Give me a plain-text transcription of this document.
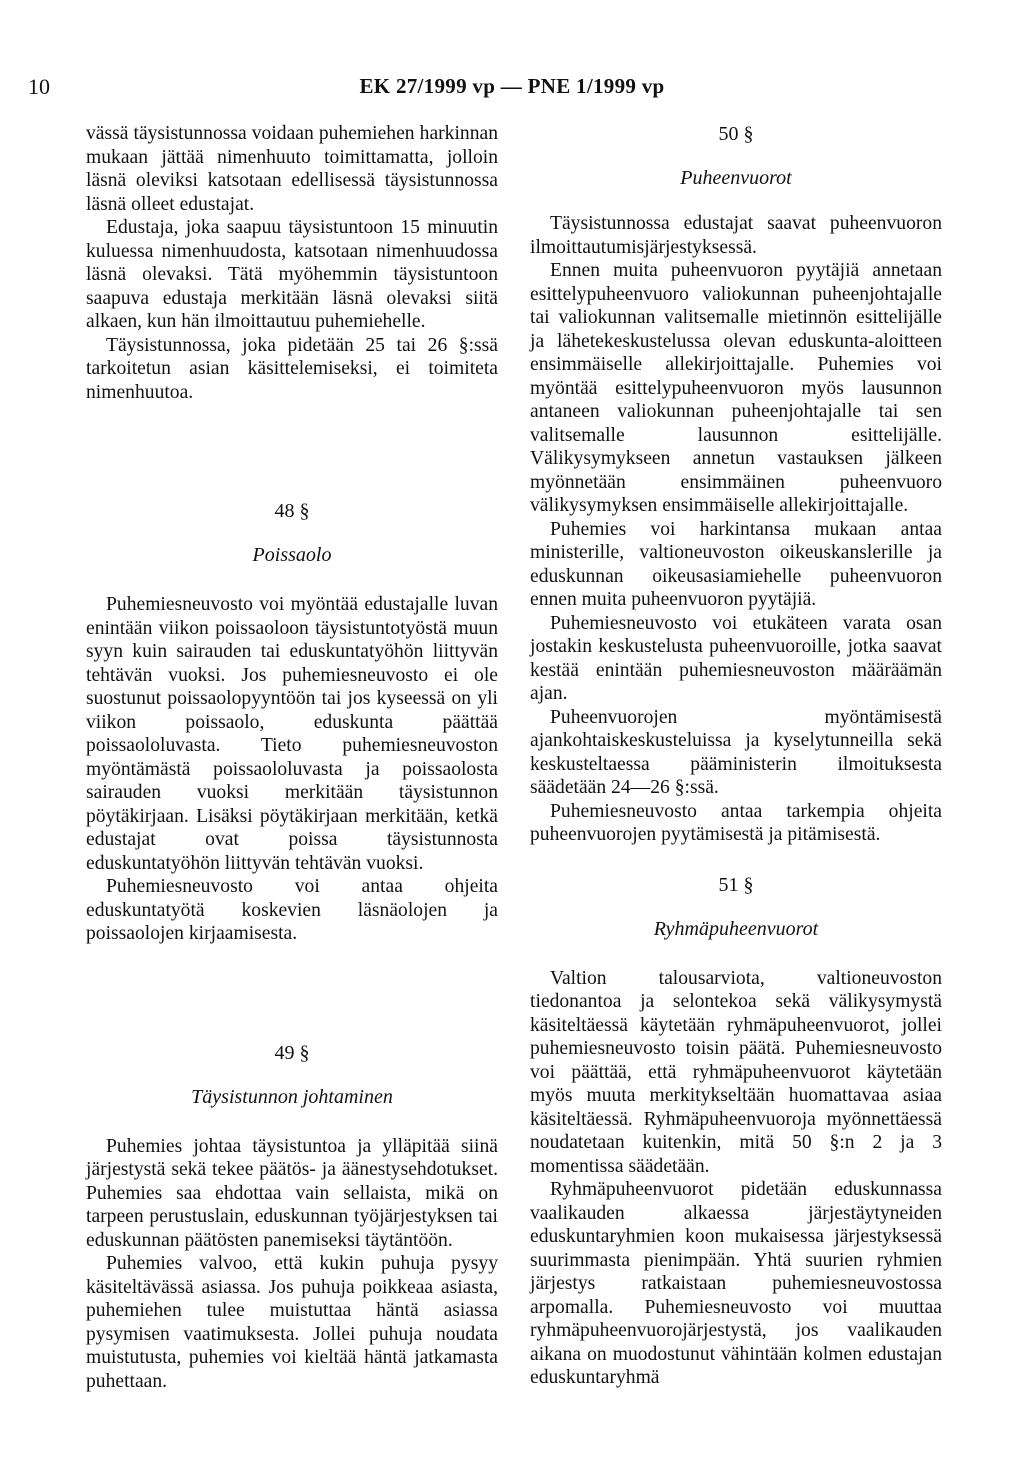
10	EK 27/1999 vp — PNE 1/1999 vp

vässä täysistunnossa voidaan puhemiehen harkinnan mukaan jättää nimenhuuto toimittamatta, jolloin läsnä oleviksi katsotaan edellisessä täysistunnossa läsnä olleet edustajat.

Edustaja, joka saapuu täysistuntoon 15 minuutin kuluessa nimenhuudosta, katsotaan nimenhuudossa läsnä olevaksi. Tätä myöhemmin täysistuntoon saapuva edustaja merkitään läsnä olevaksi siitä alkaen, kun hän ilmoittautuu puhemiehelle.

Täysistunnossa, joka pidetään 25 tai 26 §:ssä tarkoitetun asian käsittelemiseksi, ei toimiteta nimenhuutoa.

48 §
Poissaolo

Puhemiesneuvosto voi myöntää edustajalle luvan enintään viikon poissaoloon täysistuntotyöstä muun syyn kuin sairauden tai eduskuntatyöhön liittyvän tehtävän vuoksi. Jos puhemiesneuvosto ei ole suostunut poissaolopyyntöön tai jos kyseessä on yli viikon poissaolo, eduskunta päättää poissaololuvasta. Tieto puhemiesneuvoston myöntämästä poissaololuvasta ja poissaolosta sairauden vuoksi merkitään täysistunnon pöytäkirjaan. Lisäksi pöytäkirjaan merkitään, ketkä edustajat ovat poissa täysistunnosta eduskuntatyöhön liittyvän tehtävän vuoksi.

Puhemiesneuvosto voi antaa ohjeita eduskuntatyötä koskevien läsnäolojen ja poissaolojen kirjaamisesta.

49 §
Täysistunnon johtaminen

Puhemies johtaa täysistuntoa ja ylläpitää siinä järjestystä sekä tekee päätös- ja äänestysehdotukset. Puhemies saa ehdottaa vain sellaista, mikä on tarpeen perustuslain, eduskunnan työjärjestyksen tai eduskunnan päätösten panemiseksi täytäntöön.

Puhemies valvoo, että kukin puhuja pysyy käsiteltävässä asiassa. Jos puhuja poikkeaa asiasta, puhemiehen tulee muistuttaa häntä asiassa pysymisen vaatimuksesta. Jollei puhuja noudata muistutusta, puhemies voi kieltää häntä jatkamasta puhettaan.

50 §
Puheenvuorot

Täysistunnossa edustajat saavat puheenvuoron ilmoittautumisjärjestyksessä.

Ennen muita puheenvuoron pyytäjiä annetaan esittelypuheenvuoro valiokunnan puheenjohtajalle tai valiokunnan valitsemalle mietinnön esittelijälle ja lähetekeskustelussa olevan eduskunta-aloitteen ensimmäiselle allekirjoittajalle. Puhemies voi myöntää esittelypuheenvuoron myös lausunnon antaneen valiokunnan puheenjohtajalle tai sen valitsemalle lausunnon esittelijälle. Välikysymykseen annetun vastauksen jälkeen myönnetään ensimmäinen puheenvuoro välikysymyksen ensimmäiselle allekirjoittajalle.

Puhemies voi harkintansa mukaan antaa ministerille, valtioneuvoston oikeuskanslerille ja eduskunnan oikeusasiamiehelle puheenvuoron ennen muita puheenvuoron pyytäjiä.

Puhemiesneuvosto voi etukäteen varata osan jostakin keskustelusta puheenvuoroille, jotka saavat kestää enintään puhemiesneuvoston määräämän ajan.

Puheenvuorojen myöntämisestä ajankohtaiskeskusteluissa ja kyselytunneilla sekä keskusteltaessa pääministerin ilmoituksesta säädetään 24—26 §:ssä.

Puhemiesneuvosto antaa tarkempia ohjeita puheenvuorojen pyytämisestä ja pitämisestä.

51 §
Ryhmäpuheenvuorot

Valtion talousarviota, valtioneuvoston tiedonantoa ja selontekoa sekä välikysymystä käsiteltäessä käytetään ryhmäpuheenvuorot, jollei puhemiesneuvosto toisin päätä. Puhemiesneuvosto voi päättää, että ryhmäpuheenvuorot käytetään myös muuta merkitykseltään huomattavaa asiaa käsiteltäessä. Ryhmäpuheenvuoroja myönnettäessä noudatetaan kuitenkin, mitä 50 §:n 2 ja 3 momentissa säädetään.

Ryhmäpuheenvuorot pidetään eduskunnassa vaalikauden alkaessa järjestäytyneiden eduskuntaryhmien koon mukaisessa järjestyksessä suurimmasta pienimpään. Yhtä suurien ryhmien järjestys ratkaistaan puhemiesneuvostossa arpomalla. Puhemiesneuvosto voi muuttaa ryhmäpuheenvuorojärjestystä, jos vaalikauden aikana on muodostunut vähintään kolmen edustajan eduskuntaryhmä
